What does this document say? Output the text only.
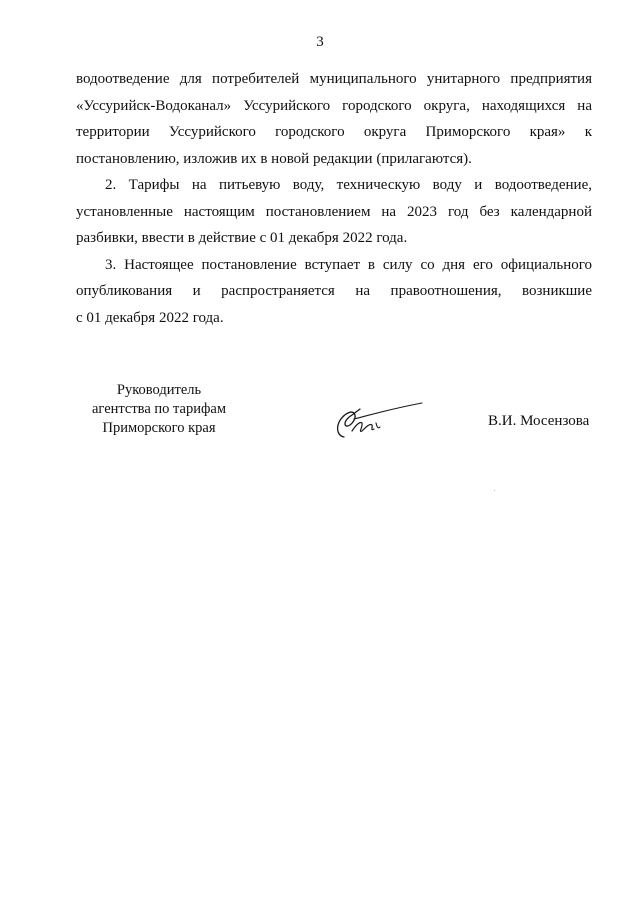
3
водоотведение для потребителей муниципального унитарного предприятия
«Уссурийск-Водоканал» Уссурийского городского округа, находящихся на
территории Уссурийского городского округа Приморского края» к
постановлению, изложив их в новой редакции (прилагаются).
2. Тарифы на питьевую воду, техническую воду и водоотведение,
установленные настоящим постановлением на 2023 год без календарной
разбивки, ввести в действие с 01 декабря 2022 года.
3. Настоящее постановление вступает в силу со дня его официального
опубликования и распространяется на правоотношения, возникшие
с 01 декабря 2022 года.
Руководитель
агентства по тарифам
Приморского края	В.И. Мосензова
